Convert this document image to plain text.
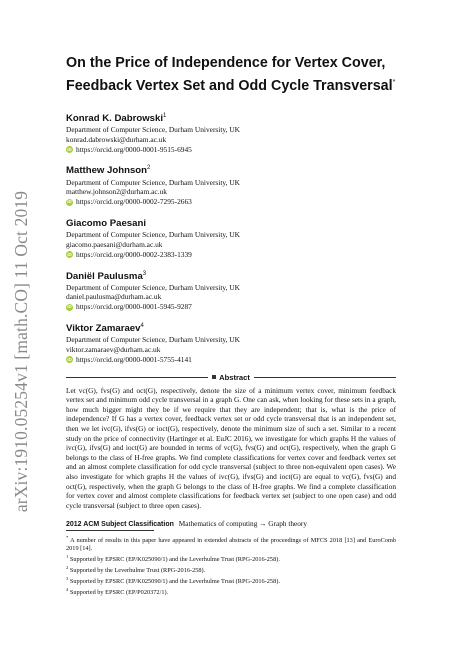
arXiv:1910.05254v1 [math.CO] 11 Oct 2019
On the Price of Independence for Vertex Cover,
Feedback Vertex Set and Odd Cycle Transversal*
Konrad K. Dabrowski$^1$
Department of Computer Science, Durham University, UK
konrad.dabrowski@durham.ac.uk
iD https://orcid.org/0000-0001-9515-6945
Matthew Johnson$^2$
Department of Computer Science, Durham University, UK
matthew.johnson2@durham.ac.uk
iD https://orcid.org/0000-0002-7295-2663
Giacomo Paesani
Department of Computer Science, Durham University, UK
giacomo.paesani@durham.ac.uk
iD https://orcid.org/0000-0002-2383-1339
Daniël Paulusma$^3$
Department of Computer Science, Durham University, UK
daniel.paulusma@durham.ac.uk
iD https://orcid.org/0000-0001-5945-9287
Viktor Zamaraev$^4$
Department of Computer Science, Durham University, UK
viktor.zamaraev@durham.ac.uk
iD https://orcid.org/0000-0001-5755-4141
Abstract

Let vc(G), fvs(G) and oct(G), respectively, denote the size of a minimum vertex cover, minimum feedback vertex set and minimum odd cycle transversal in a graph G. One can ask, when looking for these sets in a graph, how much bigger might they be if we require that they are independent; that is, what is the price of independence? If G has a vertex cover, feedback vertex set or odd cycle transversal that is an independent set, then we let ivc(G), ifvs(G) or ioct(G), respectively, denote the minimum size of such a set. Similar to a recent study on the price of connectivity (Hartinger et al. EuJC 2016), we investigate for which graphs H the values of ivc(G), ifvs(G) and ioct(G) are bounded in terms of vc(G), fvs(G) and oct(G), respectively, when the graph G belongs to the class of H-free graphs. We find complete classifications for vertex cover and feedback vertex set and an almost complete classification for odd cycle transversal (subject to three non-equivalent open cases). We also investigate for which graphs H the values of ivc(G), ifvs(G) and ioct(G) are equal to vc(G), fvs(G) and oct(G), respectively, when the graph G belongs to the class of H-free graphs. We find a complete classification for vertex cover and almost complete classifications for feedback vertex set (subject to one open case) and odd cycle transversal (subject to three open cases).

2012 ACM Subject Classification Mathematics of computing → Graph theory
* A number of results in this paper have appeared in extended abstracts of the proceedings of MFCS 2018 [13] and EuroComb 2019 [14].
$^1$ Supported by EPSRC (EP/K025090/1) and the Leverhulme Trust (RPG-2016-258).
$^2$ Supported by the Leverhulme Trust (RPG-2016-258).
$^3$ Supported by EPSRC (EP/K025090/1) and the Leverhulme Trust (RPG-2016-258).
$^4$ Supported by EPSRC (EP/P020372/1).
